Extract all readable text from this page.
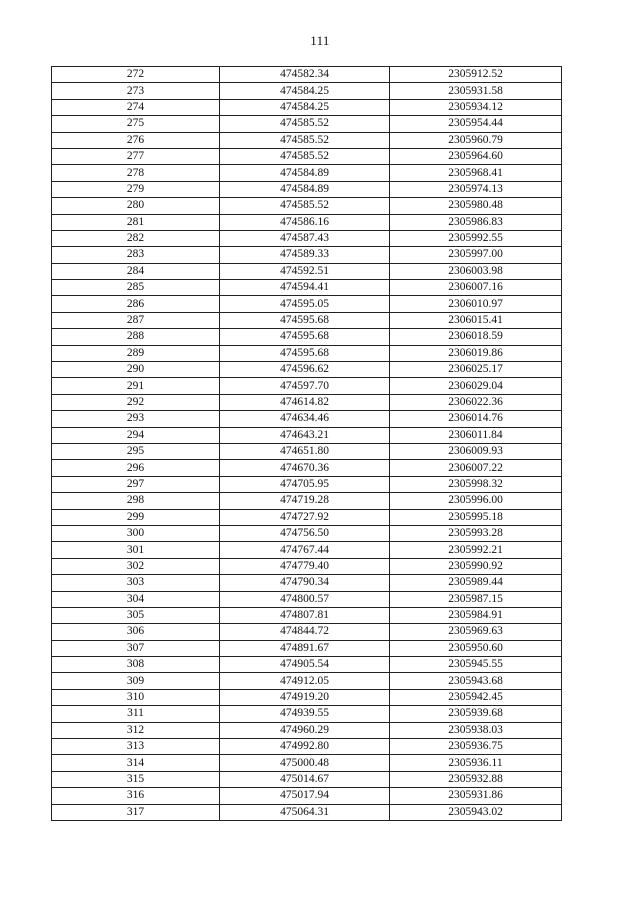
111
272	474582.34	2305912.52
273	474584.25	2305931.58
274	474584.25	2305934.12
275	474585.52	2305954.44
276	474585.52	2305960.79
277	474585.52	2305964.60
278	474584.89	2305968.41
279	474584.89	2305974.13
280	474585.52	2305980.48
281	474586.16	2305986.83
282	474587.43	2305992.55
283	474589.33	2305997.00
284	474592.51	2306003.98
285	474594.41	2306007.16
286	474595.05	2306010.97
287	474595.68	2306015.41
288	474595.68	2306018.59
289	474595.68	2306019.86
290	474596.62	2306025.17
291	474597.70	2306029.04
292	474614.82	2306022.36
293	474634.46	2306014.76
294	474643.21	2306011.84
295	474651.80	2306009.93
296	474670.36	2306007.22
297	474705.95	2305998.32
298	474719.28	2305996.00
299	474727.92	2305995.18
300	474756.50	2305993.28
301	474767.44	2305992.21
302	474779.40	2305990.92
303	474790.34	2305989.44
304	474800.57	2305987.15
305	474807.81	2305984.91
306	474844.72	2305969.63
307	474891.67	2305950.60
308	474905.54	2305945.55
309	474912.05	2305943.68
310	474919.20	2305942.45
311	474939.55	2305939.68
312	474960.29	2305938.03
313	474992.80	2305936.75
314	475000.48	2305936.11
315	475014.67	2305932.88
316	475017.94	2305931.86
317	475064.31	2305943.02
